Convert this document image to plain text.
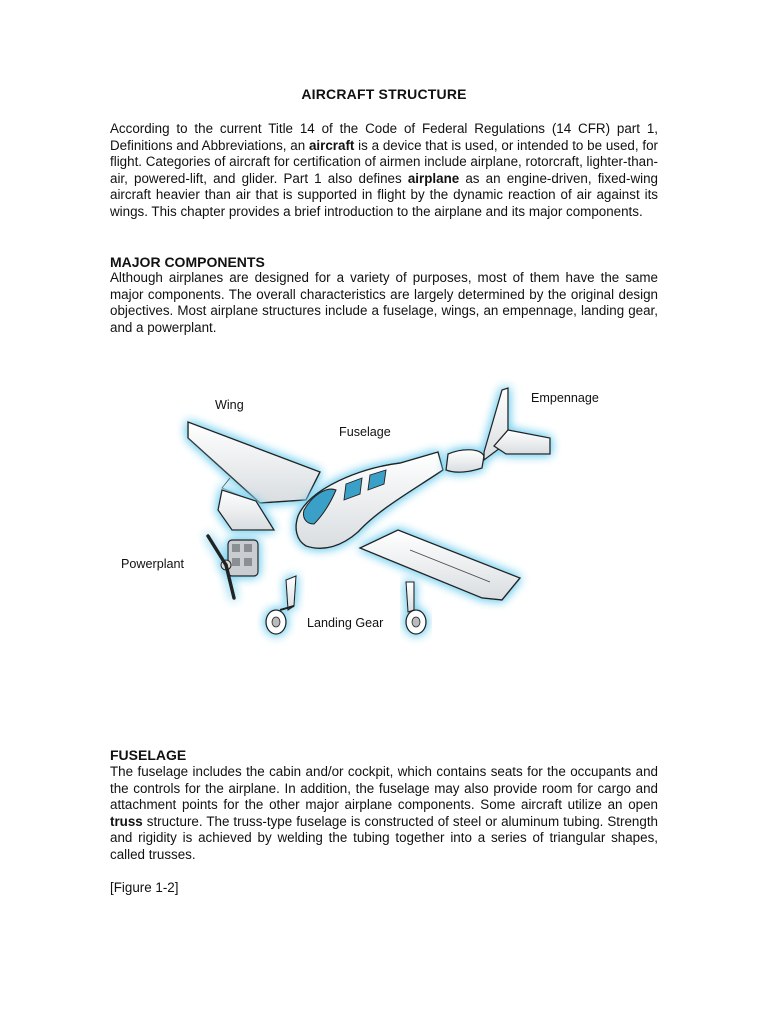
AIRCRAFT STRUCTURE
According to the current Title 14 of the Code of Federal Regulations (14 CFR) part 1, Definitions and Abbreviations, an aircraft is a device that is used, or intended to be used, for flight. Categories of aircraft for certification of airmen include airplane, rotorcraft, lighter-than-air, powered-lift, and glider. Part 1 also defines airplane as an engine-driven, fixed-wing aircraft heavier than air that is supported in flight by the dynamic reaction of air against its wings. This chapter provides a brief introduction to the airplane and its major components.
MAJOR COMPONENTS
Although airplanes are designed for a variety of purposes, most of them have the same major components. The overall characteristics are largely determined by the original design objectives. Most airplane structures include a fuselage, wings, an empennage, landing gear, and a powerplant.
Wing
Fuselage
Empennage
Powerplant
Landing Gear
FUSELAGE
The fuselage includes the cabin and/or cockpit, which contains seats for the occupants and the controls for the airplane. In addition, the fuselage may also provide room for cargo and attachment points for the other major airplane components. Some aircraft utilize an open truss structure. The truss-type fuselage is constructed of steel or aluminum tubing. Strength and rigidity is achieved by welding the tubing together into a series of triangular shapes, called trusses.
[Figure 1-2]
